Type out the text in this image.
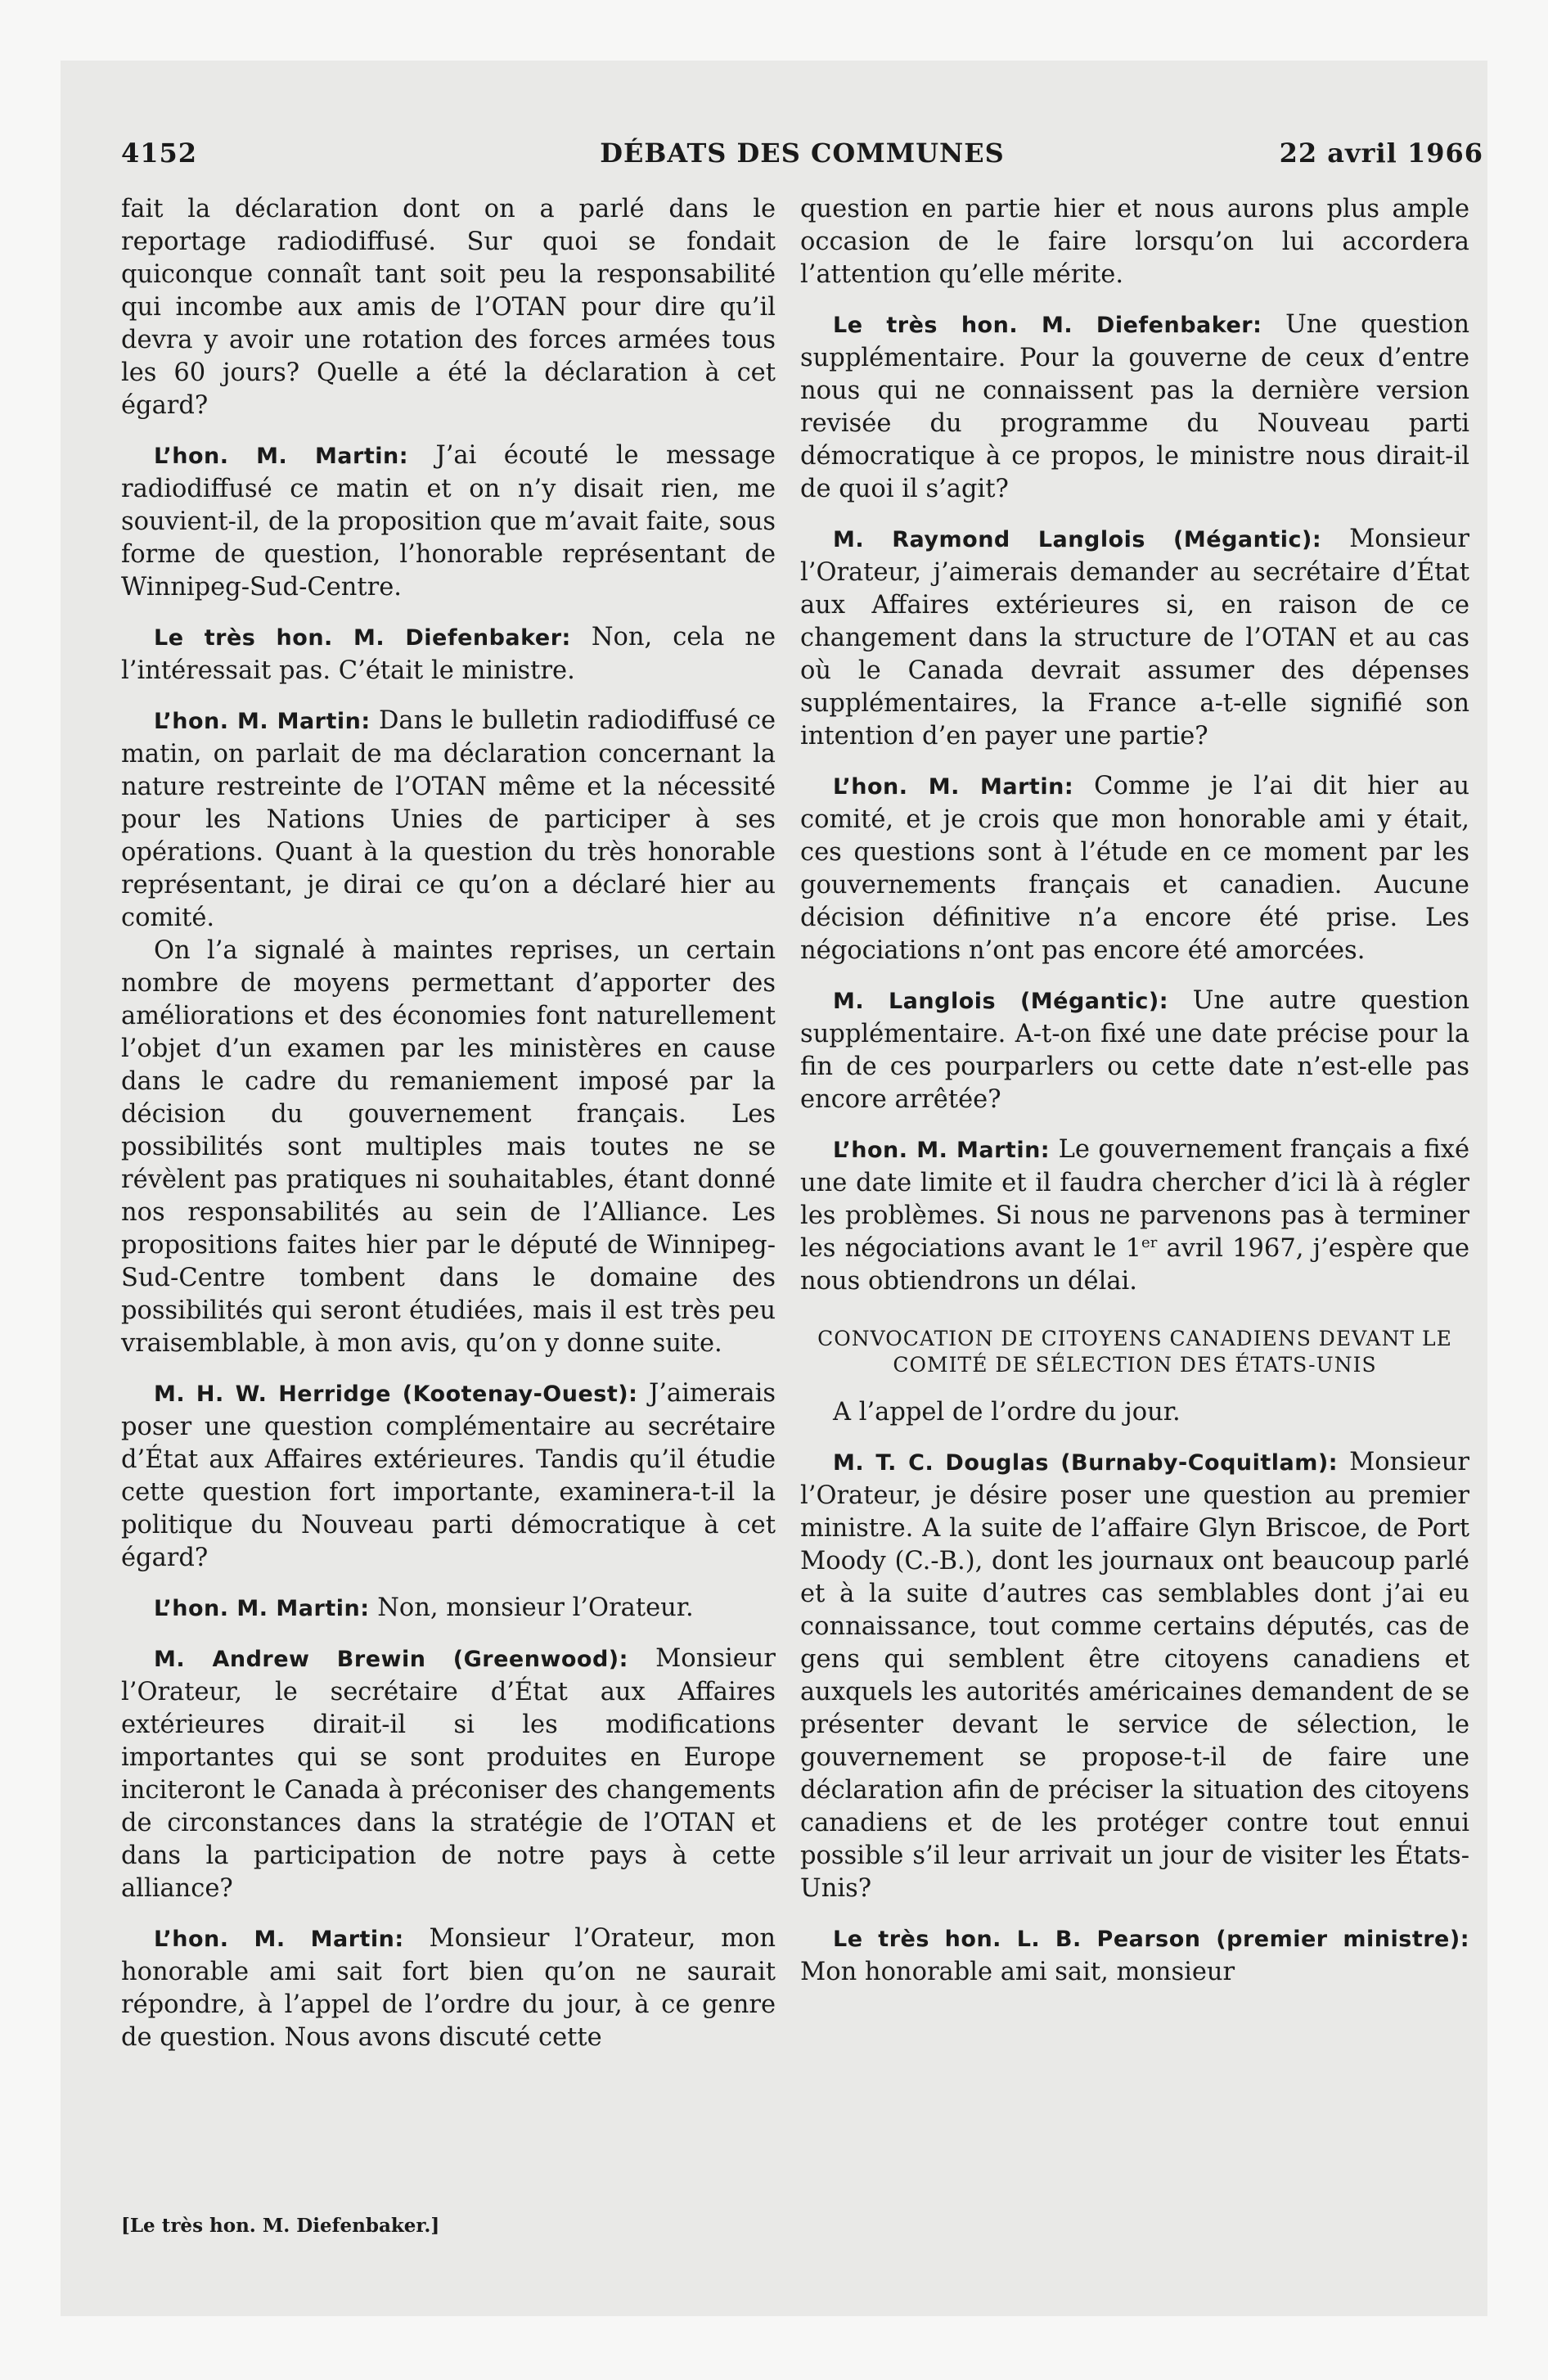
4152	DÉBATS DES COMMUNES	22 avril 1966

fait la déclaration dont on a parlé dans le reportage radiodiffusé. Sur quoi se fondait quiconque connaît tant soit peu la responsabilité qui incombe aux amis de l’OTAN pour dire qu’il devra y avoir une rotation des forces armées tous les 60 jours? Quelle a été la déclaration à cet égard?

L’hon. M. Martin: J’ai écouté le message radiodiffusé ce matin et on n’y disait rien, me souvient-il, de la proposition que m’avait faite, sous forme de question, l’honorable représentant de Winnipeg-Sud-Centre.

Le très hon. M. Diefenbaker: Non, cela ne l’intéressait pas. C’était le ministre.

L’hon. M. Martin: Dans le bulletin radiodiffusé ce matin, on parlait de ma déclaration concernant la nature restreinte de l’OTAN même et la nécessité pour les Nations Unies de participer à ses opérations. Quant à la question du très honorable représentant, je dirai ce qu’on a déclaré hier au comité.

On l’a signalé à maintes reprises, un certain nombre de moyens permettant d’apporter des améliorations et des économies font naturellement l’objet d’un examen par les ministères en cause dans le cadre du remaniement imposé par la décision du gouvernement français. Les possibilités sont multiples mais toutes ne se révèlent pas pratiques ni souhaitables, étant donné nos responsabilités au sein de l’Alliance. Les propositions faites hier par le député de Winnipeg-Sud-Centre tombent dans le domaine des possibilités qui seront étudiées, mais il est très peu vraisemblable, à mon avis, qu’on y donne suite.

M. H. W. Herridge (Kootenay-Ouest): J’aimerais poser une question complémentaire au secrétaire d’État aux Affaires extérieures. Tandis qu’il étudie cette question fort importante, examinera-t-il la politique du Nouveau parti démocratique à cet égard?

L’hon. M. Martin: Non, monsieur l’Orateur.

M. Andrew Brewin (Greenwood): Monsieur l’Orateur, le secrétaire d’État aux Affaires extérieures dirait-il si les modifications importantes qui se sont produites en Europe inciteront le Canada à préconiser des changements de circonstances dans la stratégie de l’OTAN et dans la participation de notre pays à cette alliance?

L’hon. M. Martin: Monsieur l’Orateur, mon honorable ami sait fort bien qu’on ne saurait répondre, à l’appel de l’ordre du jour, à ce genre de question. Nous avons discuté cette

question en partie hier et nous aurons plus ample occasion de le faire lorsqu’on lui accordera l’attention qu’elle mérite.

Le très hon. M. Diefenbaker: Une question supplémentaire. Pour la gouverne de ceux d’entre nous qui ne connaissent pas la dernière version revisée du programme du Nouveau parti démocratique à ce propos, le ministre nous dirait-il de quoi il s’agit?

M. Raymond Langlois (Mégantic): Monsieur l’Orateur, j’aimerais demander au secrétaire d’État aux Affaires extérieures si, en raison de ce changement dans la structure de l’OTAN et au cas où le Canada devrait assumer des dépenses supplémentaires, la France a-t-elle signifié son intention d’en payer une partie?

L’hon. M. Martin: Comme je l’ai dit hier au comité, et je crois que mon honorable ami y était, ces questions sont à l’étude en ce moment par les gouvernements français et canadien. Aucune décision définitive n’a encore été prise. Les négociations n’ont pas encore été amorcées.

M. Langlois (Mégantic): Une autre question supplémentaire. A-t-on fixé une date précise pour la fin de ces pourparlers ou cette date n’est-elle pas encore arrêtée?

L’hon. M. Martin: Le gouvernement français a fixé une date limite et il faudra chercher d’ici là à régler les problèmes. Si nous ne parvenons pas à terminer les négociations avant le 1er avril 1967, j’espère que nous obtiendrons un délai.

CONVOCATION DE CITOYENS CANADIENS DEVANT LE COMITÉ DE SÉLECTION DES ÉTATS-UNIS

A l’appel de l’ordre du jour.

M. T. C. Douglas (Burnaby-Coquitlam): Monsieur l’Orateur, je désire poser une question au premier ministre. A la suite de l’affaire Glyn Briscoe, de Port Moody (C.-B.), dont les journaux ont beaucoup parlé et à la suite d’autres cas semblables dont j’ai eu connaissance, tout comme certains députés, cas de gens qui semblent être citoyens canadiens et auxquels les autorités américaines demandent de se présenter devant le service de sélection, le gouvernement se propose-t-il de faire une déclaration afin de préciser la situation des citoyens canadiens et de les protéger contre tout ennui possible s’il leur arrivait un jour de visiter les États-Unis?

Le très hon. L. B. Pearson (premier ministre): Mon honorable ami sait, monsieur

[Le très hon. M. Diefenbaker.]
